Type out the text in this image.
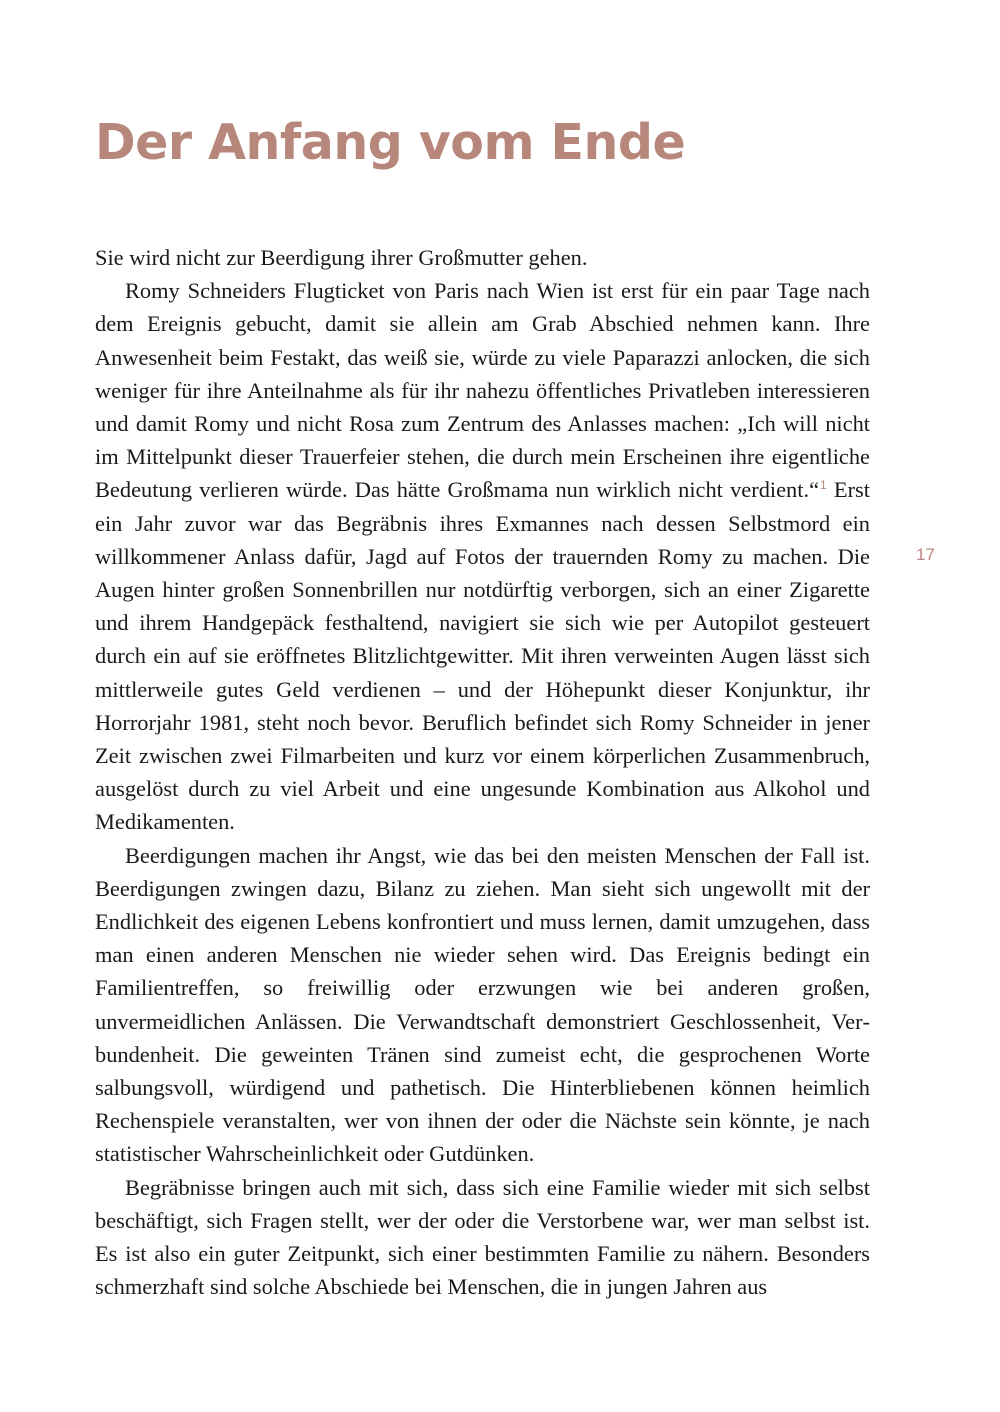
Der Anfang vom Ende

Sie wird nicht zur Beerdigung ihrer Großmutter gehen.

Romy Schneiders Flugticket von Paris nach Wien ist erst für ein paar Tage nach dem Ereignis gebucht, damit sie allein am Grab Abschied nehmen kann. Ihre Anwesenheit beim Festakt, das weiß sie, würde zu viele Paparazzi anlocken, die sich weniger für ihre Anteilnahme als für ihr nahezu öffentliches Privatleben interessieren und damit Romy und nicht Rosa zum Zentrum des Anlasses machen: „Ich will nicht im Mittelpunkt dieser Trauerfeier stehen, die durch mein Erscheinen ihre eigentliche Bedeutung verlieren würde. Das hätte Großmama nun wirklich nicht verdient.“$^1$ Erst ein Jahr zuvor war das Begräbnis ihres Exmannes nach dessen Selbstmord ein willkommener Anlass dafür, Jagd auf Fotos der trauernden Romy zu machen. Die Augen hinter großen Sonnenbrillen nur notdürftig verborgen, sich an einer Zigarette und ihrem Handgepäck festhaltend, navigiert sie sich wie per Autopilot gesteuert durch ein auf sie eröffnetes Blitzlichtgewitter. Mit ihren verweinten Augen lässt sich mittlerweile gutes Geld verdienen – und der Höhepunkt dieser Konjunktur, ihr Horrorjahr 1981, steht noch bevor. Beruflich befindet sich Romy Schneider in jener Zeit zwischen zwei Filmarbeiten und kurz vor einem körperlichen Zusammenbruch, ausgelöst durch zu viel Arbeit und eine ungesunde Kombination aus Alkohol und Medikamenten.

Beerdigungen machen ihr Angst, wie das bei den meisten Menschen der Fall ist. Beerdigungen zwingen dazu, Bilanz zu ziehen. Man sieht sich ungewollt mit der Endlichkeit des eigenen Lebens konfrontiert und muss lernen, damit umzugehen, dass man einen anderen Menschen nie wieder sehen wird. Das Ereignis bedingt ein Familientreffen, so freiwillig oder erzwungen wie bei anderen großen, unvermeidlichen Anlässen. Die Verwandtschaft demonstriert Geschlossenheit, Verbundenheit. Die geweinten Tränen sind zumeist echt, die gesprochenen Worte salbungsvoll, würdigend und pathetisch. Die Hinterbliebenen können heimlich Rechenspiele veranstalten, wer von ihnen der oder die Nächste sein könnte, je nach statistischer Wahrscheinlichkeit oder Gutdünken.

Begräbnisse bringen auch mit sich, dass sich eine Familie wieder mit sich selbst beschäftigt, sich Fragen stellt, wer der oder die Verstorbene war, wer man selbst ist. Es ist also ein guter Zeitpunkt, sich einer bestimmten Familie zu nähern. Besonders schmerzhaft sind solche Abschiede bei Menschen, die in jungen Jahren aus

17
